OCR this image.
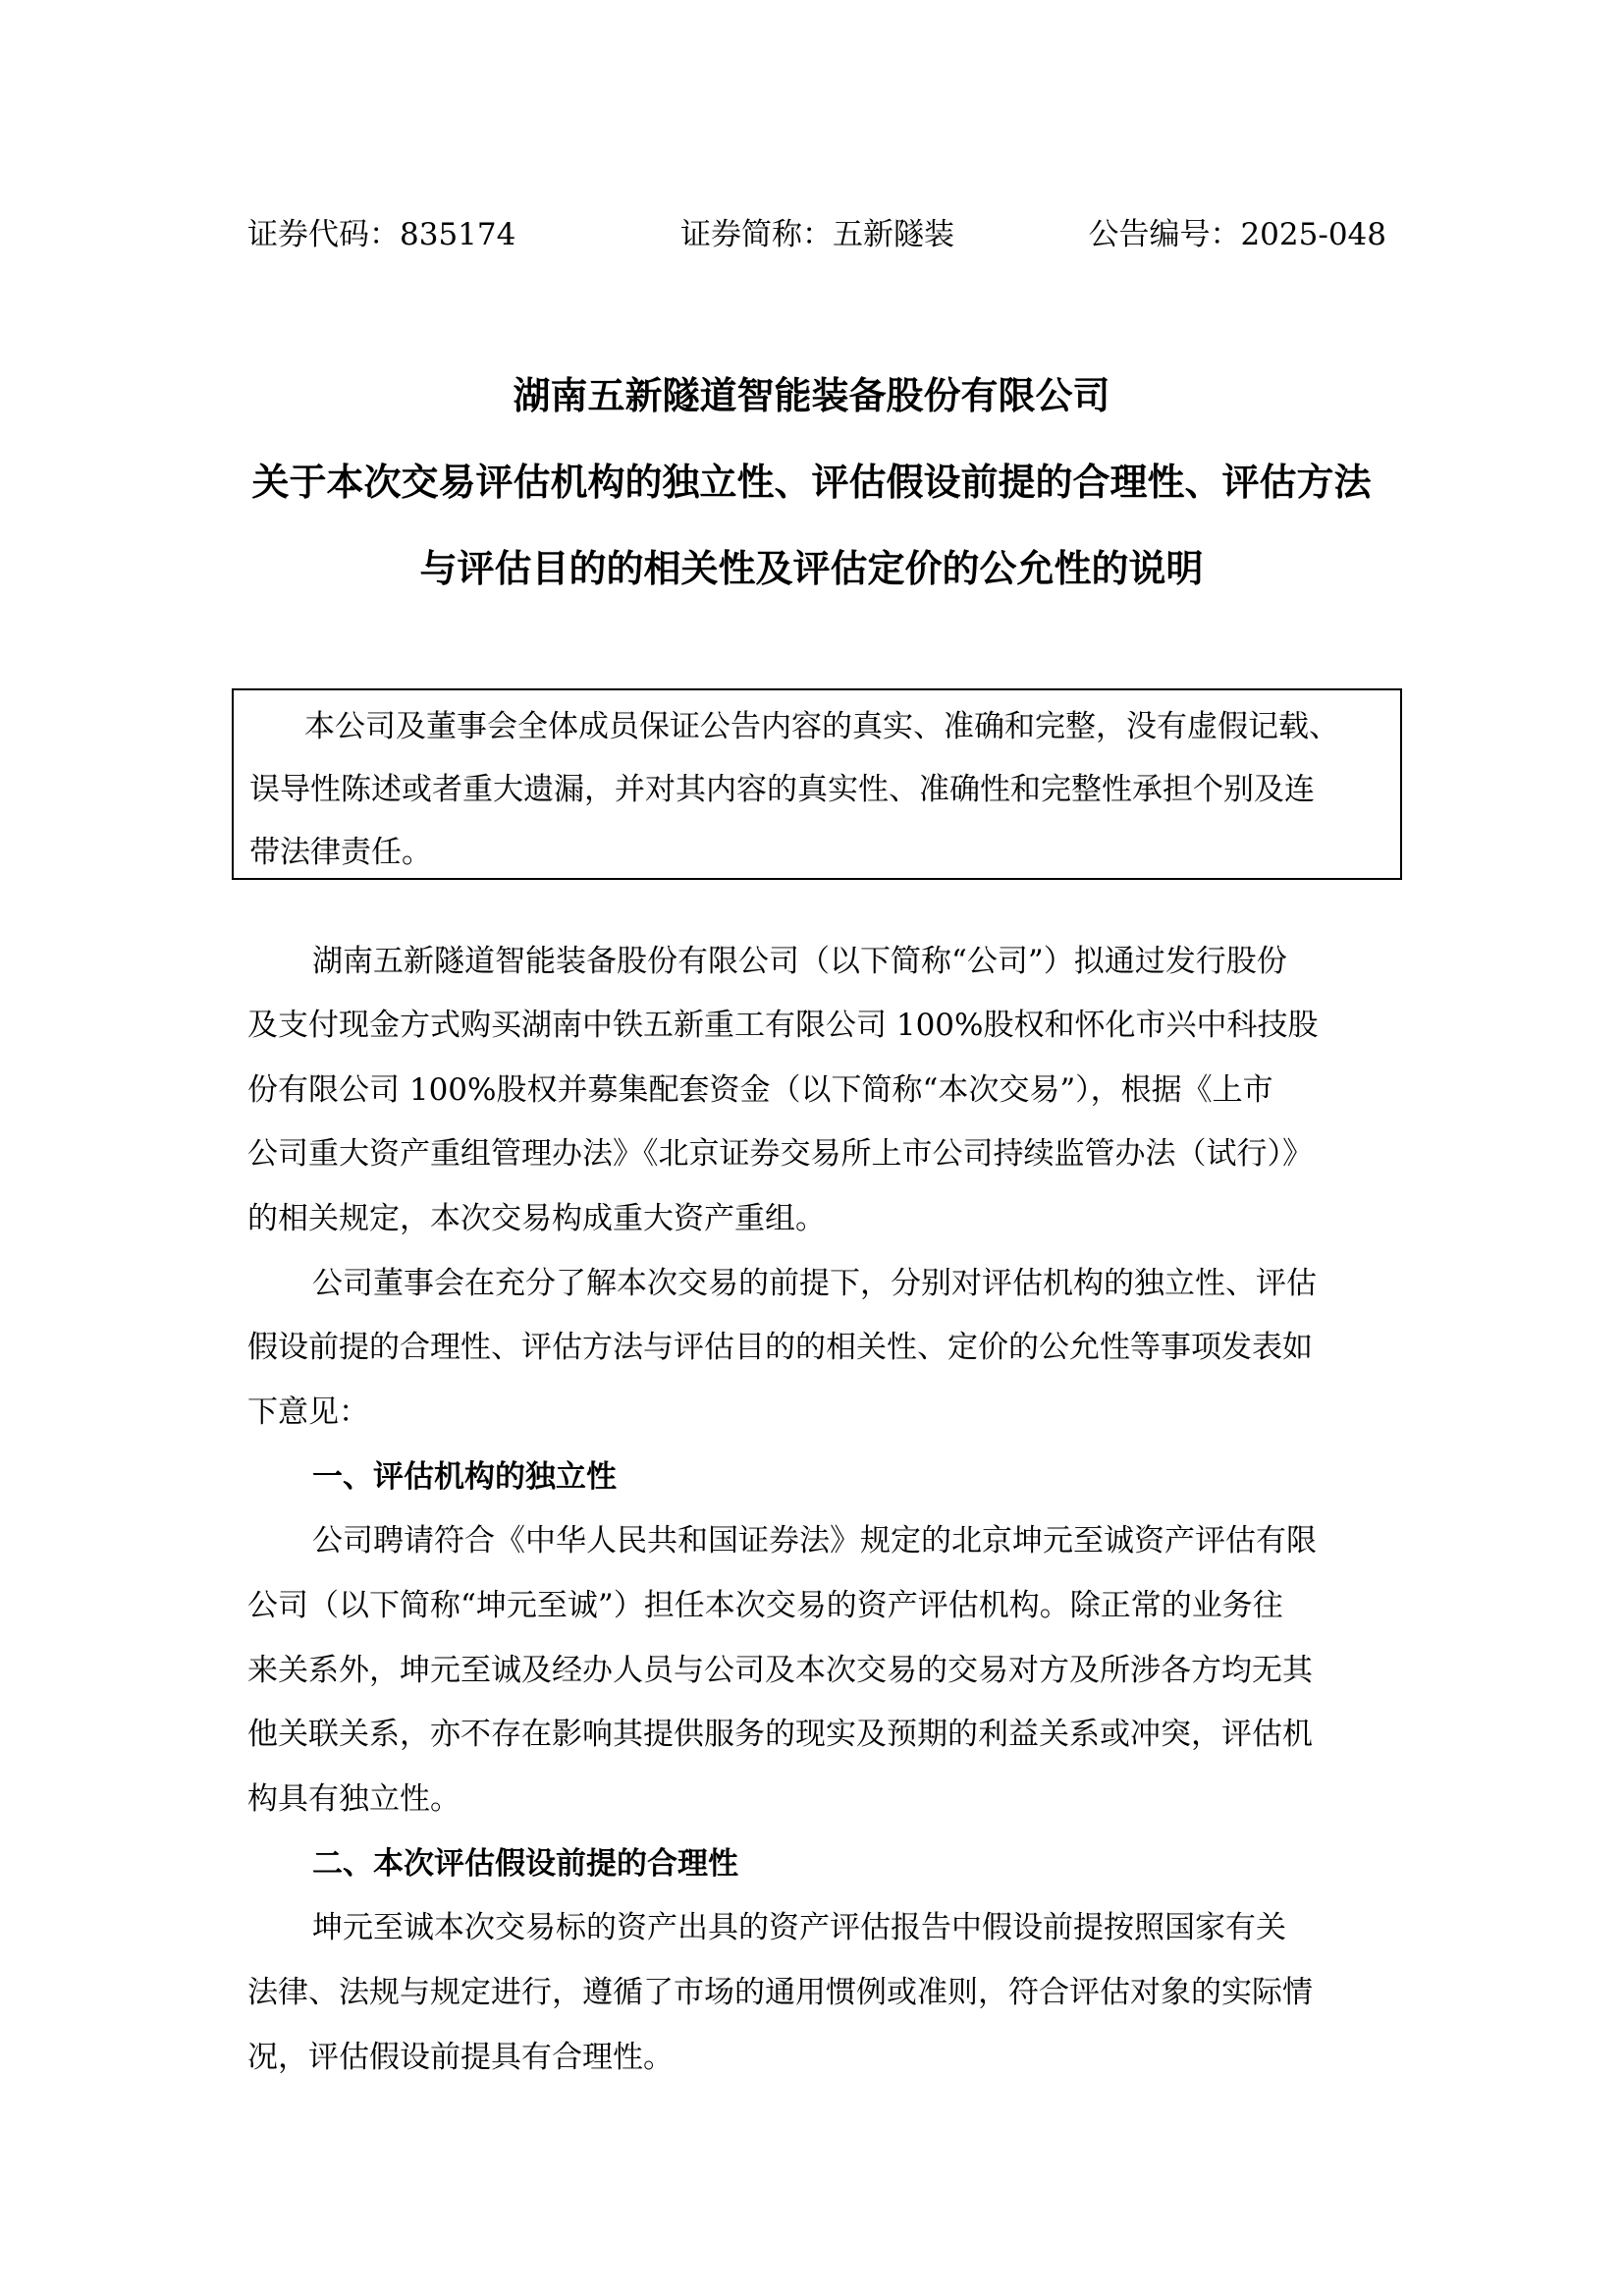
证券代码：835174	证券简称：五新隧装	公告编号：2025-048
湖南五新隧道智能装备股份有限公司
关于本次交易评估机构的独立性、评估假设前提的合理性、评估方法
与评估目的的相关性及评估定价的公允性的说明
本公司及董事会全体成员保证公告内容的真实、准确和完整，没有虚假记载、
误导性陈述或者重大遗漏，并对其内容的真实性、准确性和完整性承担个别及连
带法律责任。
湖南五新隧道智能装备股份有限公司（以下简称“公司”）拟通过发行股份
及支付现金方式购买湖南中铁五新重工有限公司 100%股权和怀化市兴中科技股
份有限公司 100%股权并募集配套资金（以下简称“本次交易”），根据《上市
公司重大资产重组管理办法》《北京证券交易所上市公司持续监管办法（试行）》
的相关规定，本次交易构成重大资产重组。
公司董事会在充分了解本次交易的前提下，分别对评估机构的独立性、评估
假设前提的合理性、评估方法与评估目的的相关性、定价的公允性等事项发表如
下意见：
一、评估机构的独立性
公司聘请符合《中华人民共和国证券法》规定的北京坤元至诚资产评估有限
公司（以下简称“坤元至诚”）担任本次交易的资产评估机构。除正常的业务往
来关系外，坤元至诚及经办人员与公司及本次交易的交易对方及所涉各方均无其
他关联关系，亦不存在影响其提供服务的现实及预期的利益关系或冲突，评估机
构具有独立性。
二、本次评估假设前提的合理性
坤元至诚本次交易标的资产出具的资产评估报告中假设前提按照国家有关
法律、法规与规定进行，遵循了市场的通用惯例或准则，符合评估对象的实际情
况，评估假设前提具有合理性。
